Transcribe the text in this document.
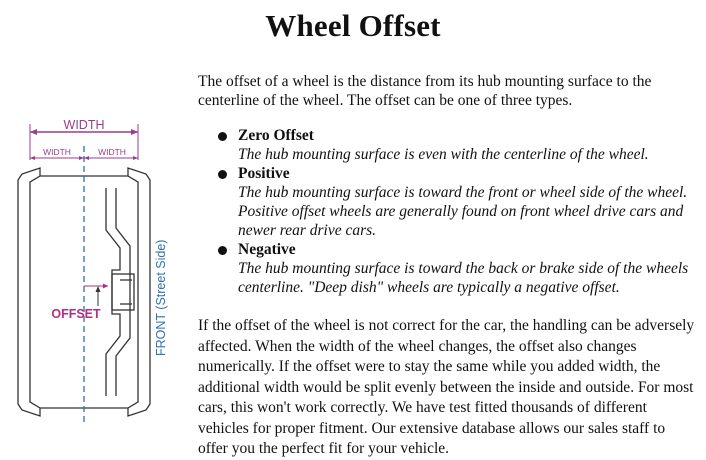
Wheel Offset
WIDTH
WIDTH	WIDTH
OFFSET	FRONT (Street Side)
The offset of a wheel is the distance from its hub mounting surface to the centerline of the wheel. The offset can be one of three types.
Zero Offset
The hub mounting surface is even with the centerline of the wheel.
Positive
The hub mounting surface is toward the front or wheel side of the wheel. Positive offset wheels are generally found on front wheel drive cars and newer rear drive cars.
Negative
The hub mounting surface is toward the back or brake side of the wheels centerline. "Deep dish" wheels are typically a negative offset.
If the offset of the wheel is not correct for the car, the handling can be adversely affected. When the width of the wheel changes, the offset also changes numerically. If the offset were to stay the same while you added width, the additional width would be split evenly between the inside and outside. For most cars, this won't work correctly. We have test fitted thousands of different vehicles for proper fitment. Our extensive database allows our sales staff to offer you the perfect fit for your vehicle.
